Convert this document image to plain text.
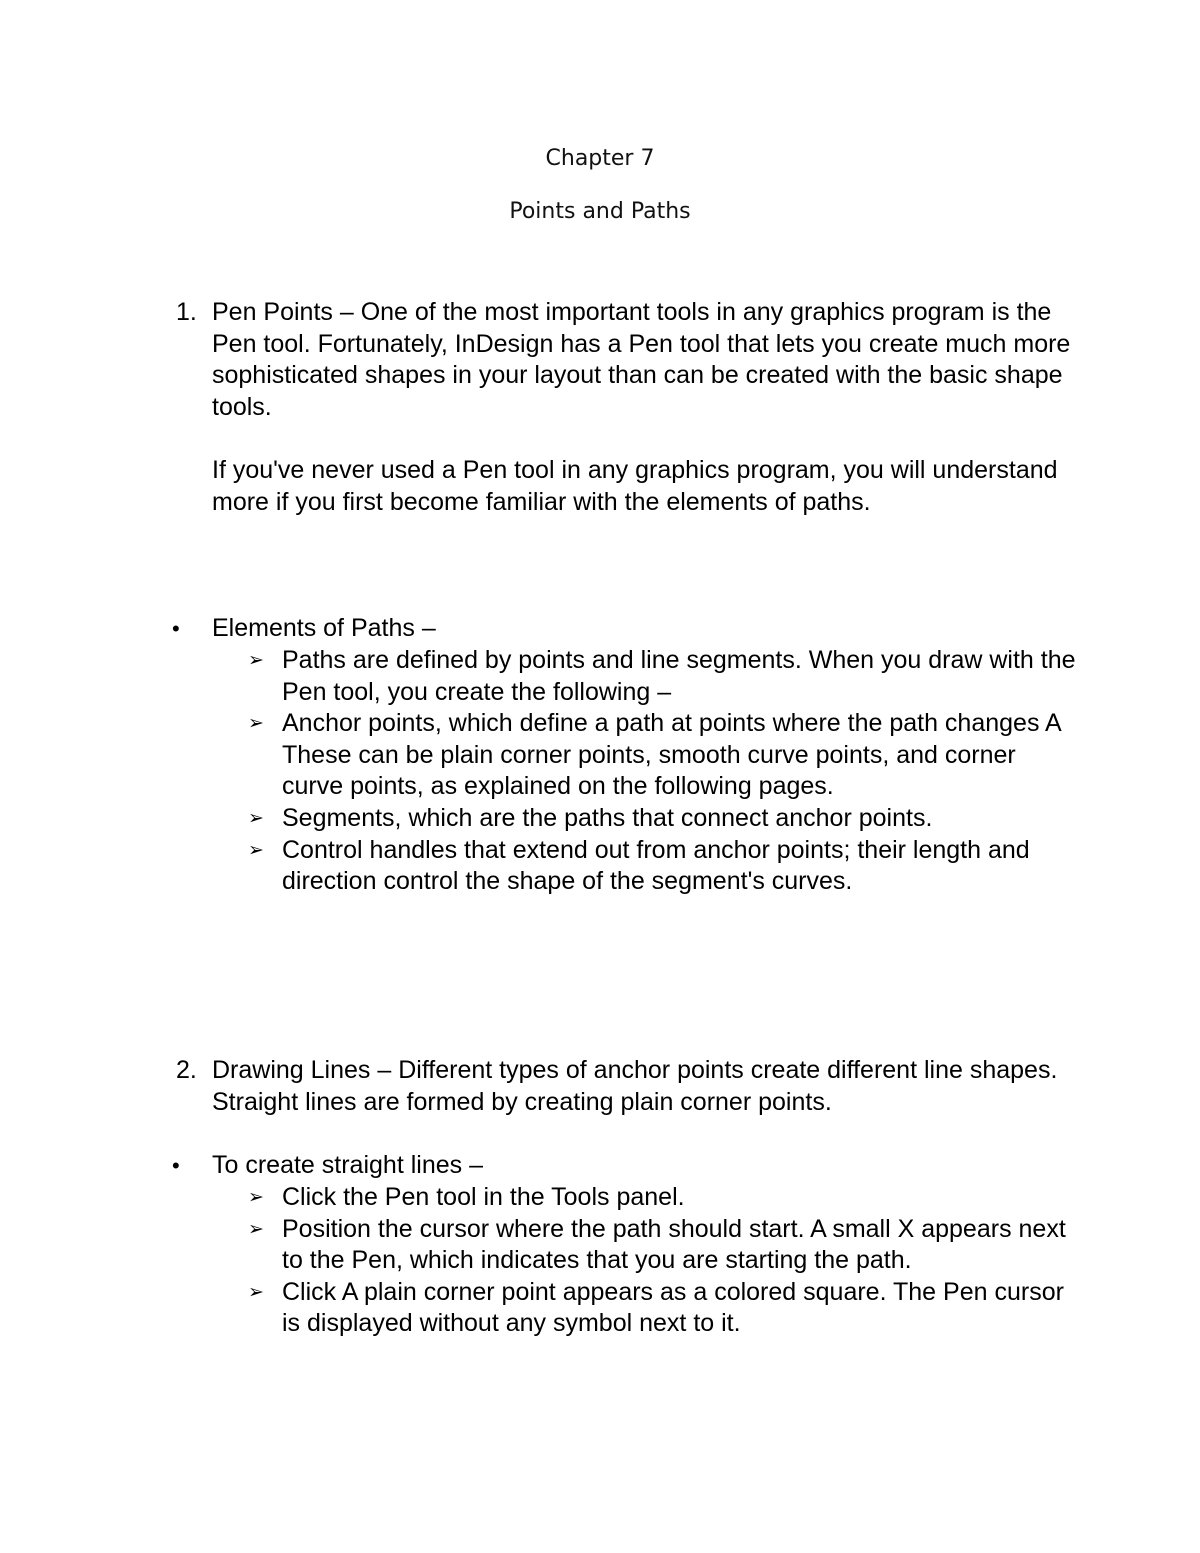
Chapter 7
Points and Paths
1. Pen Points – One of the most important tools in any graphics program is the Pen tool. Fortunately, InDesign has a Pen tool that lets you create much more sophisticated shapes in your layout than can be created with the basic shape tools.

If you've never used a Pen tool in any graphics program, you will understand more if you first become familiar with the elements of paths.

• Elements of Paths –

➢ Paths are defined by points and line segments. When you draw with the Pen tool, you create the following –
➢ Anchor points, which define a path at points where the path changes A These can be plain corner points, smooth curve points, and corner curve points, as explained on the following pages.
➢ Segments, which are the paths that connect anchor points.
➢ Control handles that extend out from anchor points; their length and direction control the shape of the segment's curves.
2. Drawing Lines – Different types of anchor points create different line shapes. Straight lines are formed by creating plain corner points.

• To create straight lines –

➢ Click the Pen tool in the Tools panel.
➢ Position the cursor where the path should start. A small X appears next to the Pen, which indicates that you are starting the path.
➢ Click A plain corner point appears as a colored square. The Pen cursor is displayed without any symbol next to it.
